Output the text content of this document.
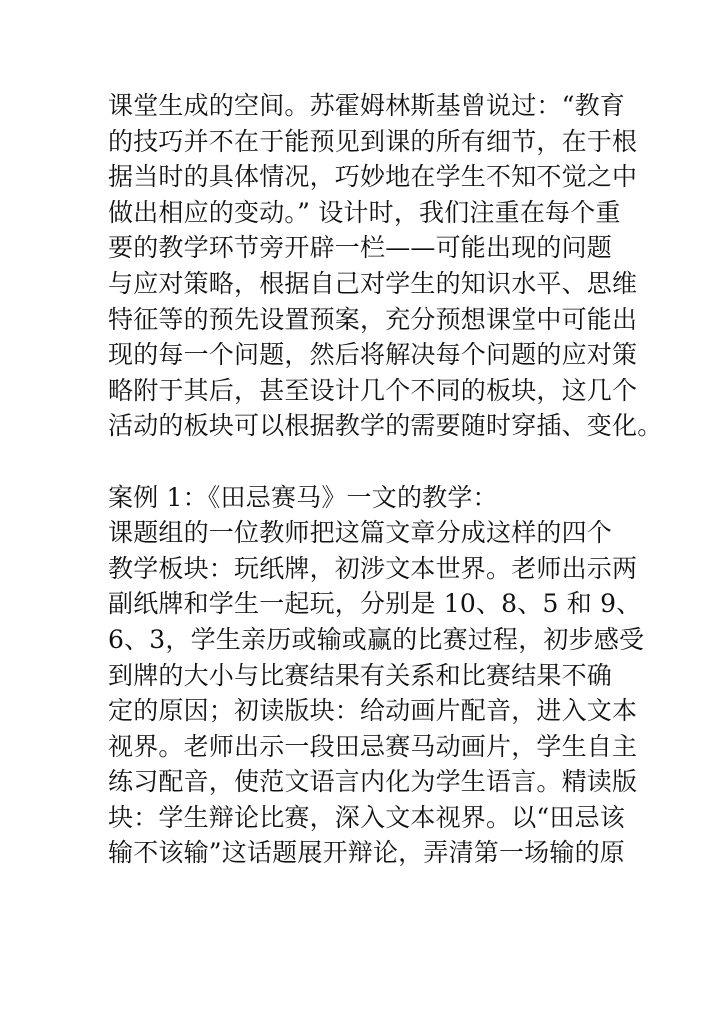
课堂生成的空间。苏霍姆林斯基曾说过：“教育
的技巧并不在于能预见到课的所有细节，在于根
据当时的具体情况，巧妙地在学生不知不觉之中
做出相应的变动。” 设计时，我们注重在每个重
要的教学环节旁开辟一栏——可能出现的问题
与应对策略，根据自己对学生的知识水平、思维
特征等的预先设置预案，充分预想课堂中可能出
现的每一个问题，然后将解决每个问题的应对策
略附于其后，甚至设计几个不同的板块，这几个
活动的板块可以根据教学的需要随时穿插、变化。
案例 1：《田忌赛马》一文的教学：
课题组的一位教师把这篇文章分成这样的四个
教学板块：玩纸牌，初涉文本世界。老师出示两
副纸牌和学生一起玩，分别是 10、8、5 和 9、
6、3，学生亲历或输或赢的比赛过程，初步感受
到牌的大小与比赛结果有关系和比赛结果不确
定的原因；初读版块：给动画片配音，进入文本
视界。老师出示一段田忌赛马动画片，学生自主
练习配音，使范文语言内化为学生语言。精读版
块：学生辩论比赛，深入文本视界。以“田忌该
输不该输”这话题展开辩论，弄清第一场输的原
